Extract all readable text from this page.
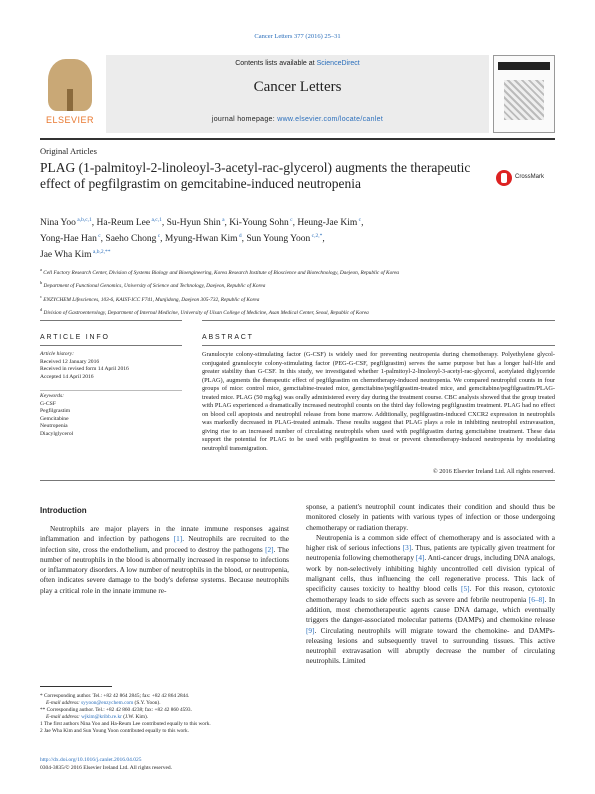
Cancer Letters 377 (2016) 25–31
ELSEVIER
Contents lists available at ScienceDirect
Cancer Letters
journal homepage: www.elsevier.com/locate/canlet
Original Articles
PLAG (1-palmitoyl-2-linoleoyl-3-acetyl-rac-glycerol) augments the therapeutic effect of pegfilgrastim on gemcitabine-induced neutropenia	CrossMark
Nina Yoo $^{a,b,c,1}$, Ha-Reum Lee $^{a,c,1}$, Su-Hyun Shin $^a$, Ki-Young Sohn $^c$, Heung-Jae Kim $^c$,
Yong-Hae Han $^c$, Saeho Chong $^c$, Myung-Hwan Kim $^d$, Sun Young Yoon $^{c,2,*}$,
Jae Wha Kim $^{a,b,2,**}$
$^a$ Cell Factory Research Center, Division of Systems Biology and Bioengineering, Korea Research Institute of Bioscience and Biotechnology, Daejeon, Republic of Korea
$^b$ Department of Functional Genomics, University of Science and Technology, Daejeon, Republic of Korea
$^c$ ENZYCHEM Lifesciences, 103-6, KAIST-ICC F741, Munjidong, Daejeon 305-732, Republic of Korea
$^d$ Division of Gastroenterology, Department of Internal Medicine, University of Ulsan College of Medicine, Asan Medical Center, Seoul, Republic of Korea
ARTICLE INFO	ABSTRACT
Article history:
Received 12 January 2016
Received in revised form 14 April 2016
Accepted 14 April 2016
Keywords:
G-CSF
Pegfilgrastim
Gemcitabine
Neutropenia
Diacylglycerol
Granulocyte colony-stimulating factor (G-CSF) is widely used for preventing neutropenia during chemotherapy. Polyethylene glycol-conjugated granulocyte colony-stimulating factor (PEG-G-CSF, pegfilgrastim) serves the same purpose but has a longer half-life and greater stability than G-CSF. In this study, we investigated whether 1-palmitoyl-2-linoleoyl-3-acetyl-rac-glycerol, acetylated diglyceride (PLAG), augments the therapeutic effect of pegfilgrastim on chemotherapy-induced neutropenia. We compared neutrophil counts in four groups of mice: control mice, gemcitabine-treated mice, gemcitabine/pegfilgrastim-treated mice, and gemcitabine/pegfilgrastim/PLAG-treated mice. PLAG (50 mg/kg) was orally administered every day during the treatment course. CBC analysis showed that the group treated with PLAG experienced a dramatically increased neutrophil counts on the third day following pegfilgrastim treatment. PLAG had no effect on blood cell apoptosis and neutrophil release from bone marrow. Additionally, pegfilgrastim-induced CXCR2 expression in neutrophils was markedly decreased in PLAG-treated animals. These results suggest that PLAG plays a role in inhibiting neutrophil extravasation, giving rise to an increased number of circulating neutrophils when used with pegfilgrastim during gemcitabine treatment. These data support the potential for PLAG to be used with pegfilgrastim to treat or prevent chemotherapy-induced neutropenia by modulating neutrophil transmigration.
© 2016 Elsevier Ireland Ltd. All rights reserved.
Introduction

Neutrophils are major players in the innate immune responses against inflammation and infection by pathogens [1]. Neutrophils are recruited to the infection site, cross the endothelium, and proceed to destroy the pathogens [2]. The number of neutrophils in the blood is abnormally increased in response to infections or inflammatory disorders. A low number of neutrophils in the blood, or neutropenia, often indicates severe damage to the body's defense systems. Because neutrophils play a critical role in the innate immune re-

sponse, a patient's neutrophil count indicates their condition and should thus be monitored closely in patients with various types of infection or those undergoing chemotherapy or radiation therapy.

Neutropenia is a common side effect of chemotherapy and is associated with a higher risk of serious infections [3]. Thus, patients are typically given treatment for neutropenia following chemotherapy [4]. Anti-cancer drugs, including DNA analogs, work by non-selectively inhibiting highly uncontrolled cell division typical of malignant cells, thus influencing the cell regenerative process. This lack of specificity causes toxicity to healthy blood cells [5]. For this reason, cytotoxic chemotherapy leads to side effects such as severe and febrile neutropenia [6–8]. In addition, most chemotherapeutic agents cause DNA damage, which eventually triggers the danger-associated molecular patterns (DAMPs) and chemokine release [9]. Circulating neutrophils will migrate toward the chemokine- and DAMPs-releasing lesions and subsequently travel to surrounding tissues. This active neutrophil extravasation will abruptly decrease the number of circulating neutrophils. Limited

* Corresponding author. Tel.: +82 42 864 2845; fax: +82 42 864 2844.
E-mail address: syyoon@enzychem.com (S.Y. Yoon).
** Corresponding author. Tel.: +82 42 860 4238; fax: +82 42 860 4593.
E-mail address: wjkim@kribb.re.kr (J.W. Kim).
1 The first authors Nina Yoo and Ha-Reum Lee contributed equally to this work.
2 Jae Wha Kim and Sun Young Yoon contributed equally to this work.
http://dx.doi.org/10.1016/j.canlet.2016.04.025
0304-3835/© 2016 Elsevier Ireland Ltd. All rights reserved.
